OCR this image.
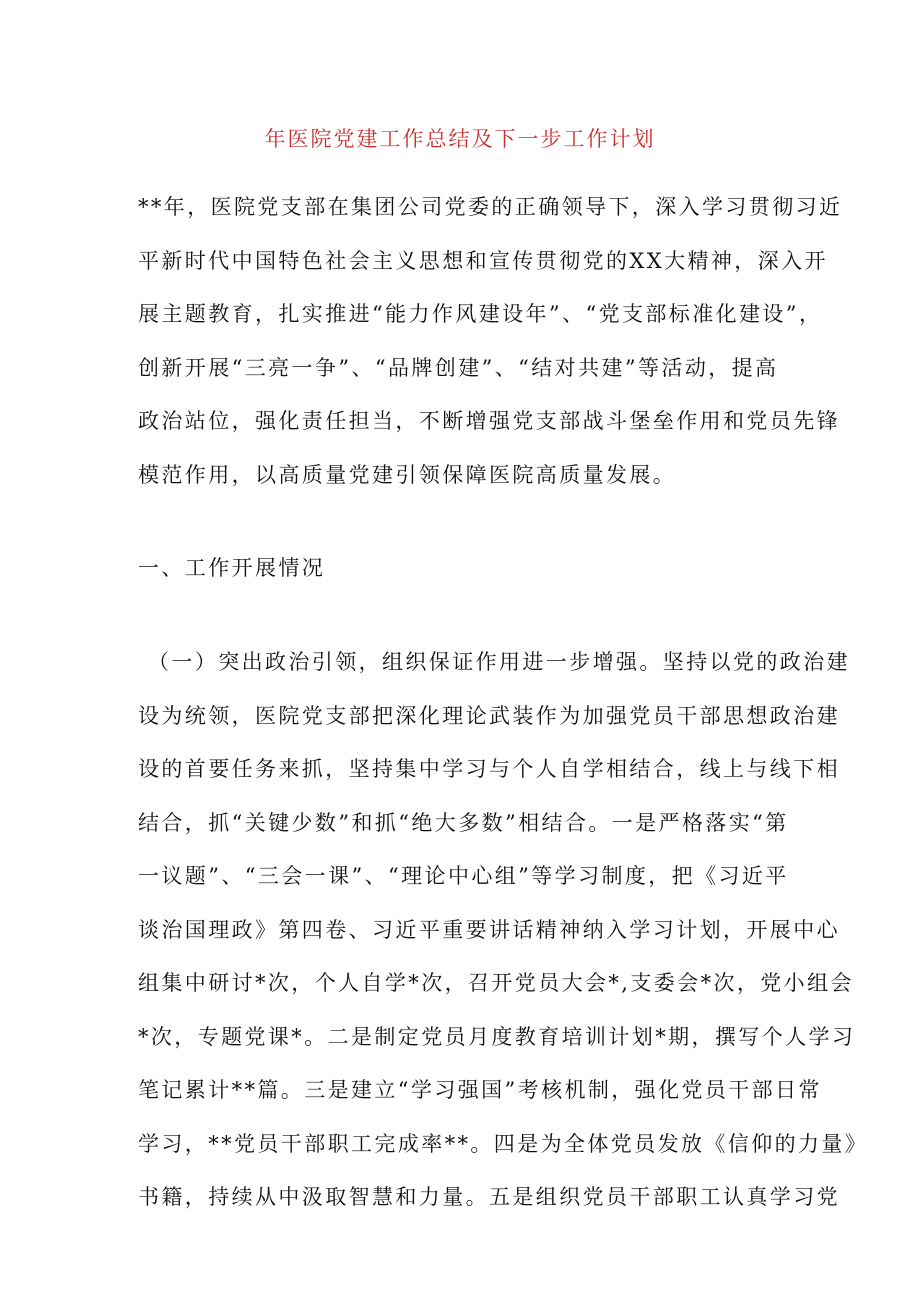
年医院党建工作总结及下一步工作计划
**年，医院党支部在集团公司党委的正确领导下，深入学习贯彻习近
平新时代中国特色社会主义思想和宣传贯彻党的XX大精神，深入开
展主题教育，扎实推进“能力作风建设年”、“党支部标准化建设”，
创新开展“三亮一争”、“品牌创建”、“结对共建”等活动，提高
政治站位，强化责任担当，不断增强党支部战斗堡垒作用和党员先锋
模范作用，以高质量党建引领保障医院高质量发展。
一、工作开展情况
（一）突出政治引领，组织保证作用进一步增强。坚持以党的政治建
设为统领，医院党支部把深化理论武装作为加强党员干部思想政治建
设的首要任务来抓，坚持集中学习与个人自学相结合，线上与线下相
结合，抓“关键少数”和抓“绝大多数”相结合。一是严格落实“第
一议题”、“三会一课”、“理论中心组”等学习制度，把《习近平
谈治国理政》第四卷、习近平重要讲话精神纳入学习计划，开展中心
组集中研讨*次，个人自学*次，召开党员大会*,支委会*次，党小组会
*次，专题党课*。二是制定党员月度教育培训计划*期，撰写个人学习
笔记累计**篇。三是建立“学习强国”考核机制，强化党员干部日常
学习，**党员干部职工完成率**。四是为全体党员发放《信仰的力量》
书籍，持续从中汲取智慧和力量。五是组织党员干部职工认真学习党
